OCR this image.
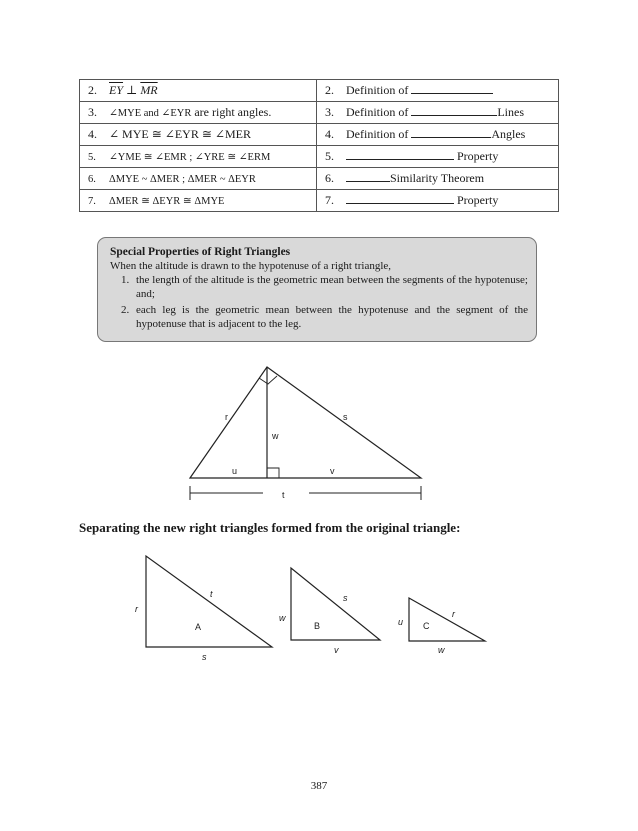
2. $\overline{EY}$ ⊥ $\overline{MR}$	2. Definition of
3. ∠MYE and ∠EYR are right angles.	3. Definition of Lines
4. ∠ MYE ≅ ∠EYR ≅ ∠MER	4. Definition of Angles
5. ∠YME ≅ ∠EMR ; ∠YRE ≅ ∠ERM	5. Property
6. ΔMYE ~ ΔMER ; ΔMER ~ ΔEYR	6. Similarity Theorem
7. ΔMER ≅ ΔEYR ≅ ΔMYE	7. Property
Special Properties of Right Triangles
When the altitude is drawn to the hypotenuse of a right triangle,
1. the length of the altitude is the geometric mean between the segments of the hypotenuse; and;
2. each leg is the geometric mean between the hypotenuse and the segment of the hypotenuse that is adjacent to the leg.
r	s
w
u	v
t
r
t
A
s
w
s
B
v
u
r
C
w
Separating the new right triangles formed from the original triangle:
387
